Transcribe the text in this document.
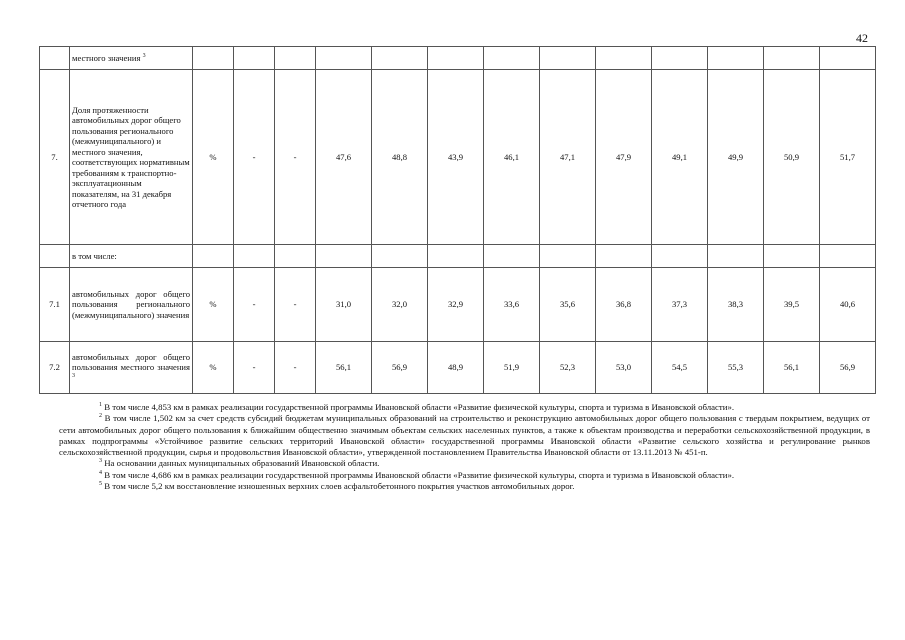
42
	местного значения $^3$													
7.	Доля протяженности автомобильных дорог общего пользования регионального (межмуниципального) и местного значения, соответствующих нормативным требованиям к транспортно-эксплуатационным показателям, на 31 декабря отчетного года	%	-	-	47,6	48,8	43,9	46,1	47,1	47,9	49,1	49,9	50,9	51,7
	в том числе:													
7.1	автомобильных дорог общего пользования регионального (межмуниципального) значения	%	-	-	31,0	32,0	32,9	33,6	35,6	36,8	37,3	38,3	39,5	40,6
7.2	автомобильных дорог общего пользования местного значения $^3$	%	-	-	56,1	56,9	48,9	51,9	52,3	53,0	54,5	55,3	56,1	56,9

$^1$ В том числе 4,853 км в рамках реализации государственной программы Ивановской области «Развитие физической культуры, спорта и туризма в Ивановской области».

$^2$ В том числе 1,502 км за счет средств субсидий бюджетам муниципальных образований на строительство и реконструкцию автомобильных дорог общего пользования с твердым покрытием, ведущих от сети автомобильных дорог общего пользования к ближайшим общественно значимым объектам сельских населенных пунктов, а также к объектам производства и переработки сельскохозяйственной продукции, в рамках подпрограммы «Устойчивое развитие сельских территорий Ивановской области» государственной программы Ивановской области «Развитие сельского хозяйства и регулирование рынков сельскохозяйственной продукции, сырья и продовольствия Ивановской области», утвержденной постановлением Правительства Ивановской области от 13.11.2013 № 451-п.

$^3$ На основании данных муниципальных образований Ивановской области.

$^4$ В том числе 4,686 км в рамках реализации государственной программы Ивановской области «Развитие физической культуры, спорта и туризма в Ивановской области».

$^5$ В том числе 5,2 км восстановление изношенных верхних слоев асфальтобетонного покрытия участков автомобильных дорог.
